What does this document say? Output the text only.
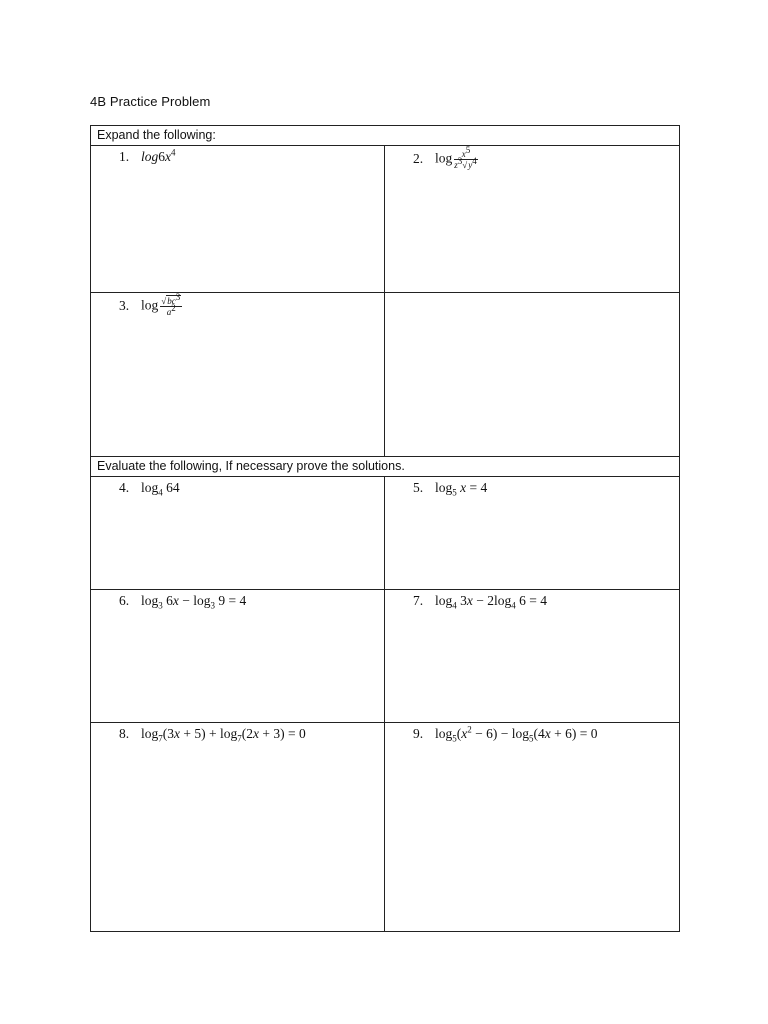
4B Practice Problem
Expand the following:	

1. $\log 6x^4$	2. $\log \frac{x^5}{z^3√y^4}$

3. $\log \frac{√bc^3}{a^2}$

Evaluate the following, If necessary prove the solutions.	

4. $\log_4 64$	5. $\log_5 x = 4$

6. $\log_3 6x - \log_3 9 = 4$	7. $\log_4 3x - 2\log_4$ 6 = 4

8. $\log_7(3x + 5) + \log_7(2x + 3) = 0$	9. $\log_5(x^2 - 6) - \log_5(4x + 6) = 0$
